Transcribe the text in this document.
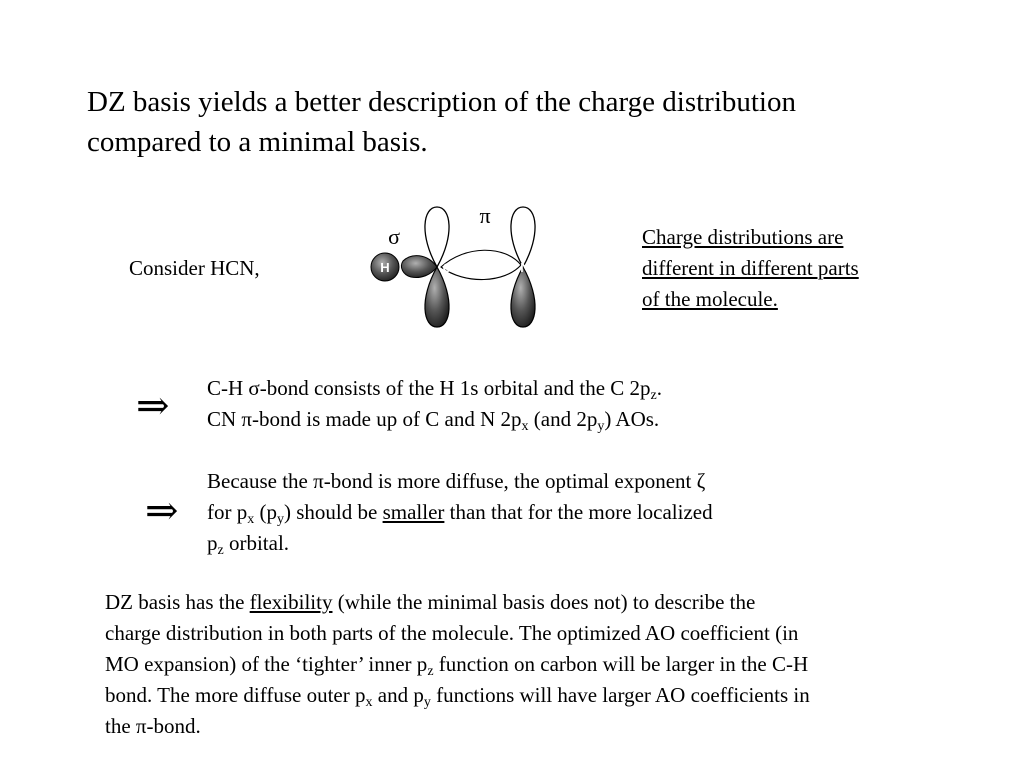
DZ basis yields a better description of the charge distribution
compared to a minimal basis.
Consider HCN,	H	C	N
σ
π
Charge distributions are
different in different parts
of the molecule.
⇒
⇒
C-H σ-bond consists of the H 1s orbital and the C $2p_z$.
CN π-bond is made up of C and N $2p_x$ (and $2p_y$) AOs.
Because the π-bond is more diffuse, the optimal exponent ζ
for $p_x$ $(p_y)$ should be smaller than that for the more localized
$p_z$ orbital.
DZ basis has the flexibility (while the minimal basis does not) to describe the
charge distribution in both parts of the molecule. The optimized AO coefficient (in
MO expansion) of the ‘tighter’ inner $p_z$ function on carbon will be larger in the C-H
bond. The more diffuse outer $p_x$ and $p_y$ functions will have larger AO coefficients in
the π-bond.
